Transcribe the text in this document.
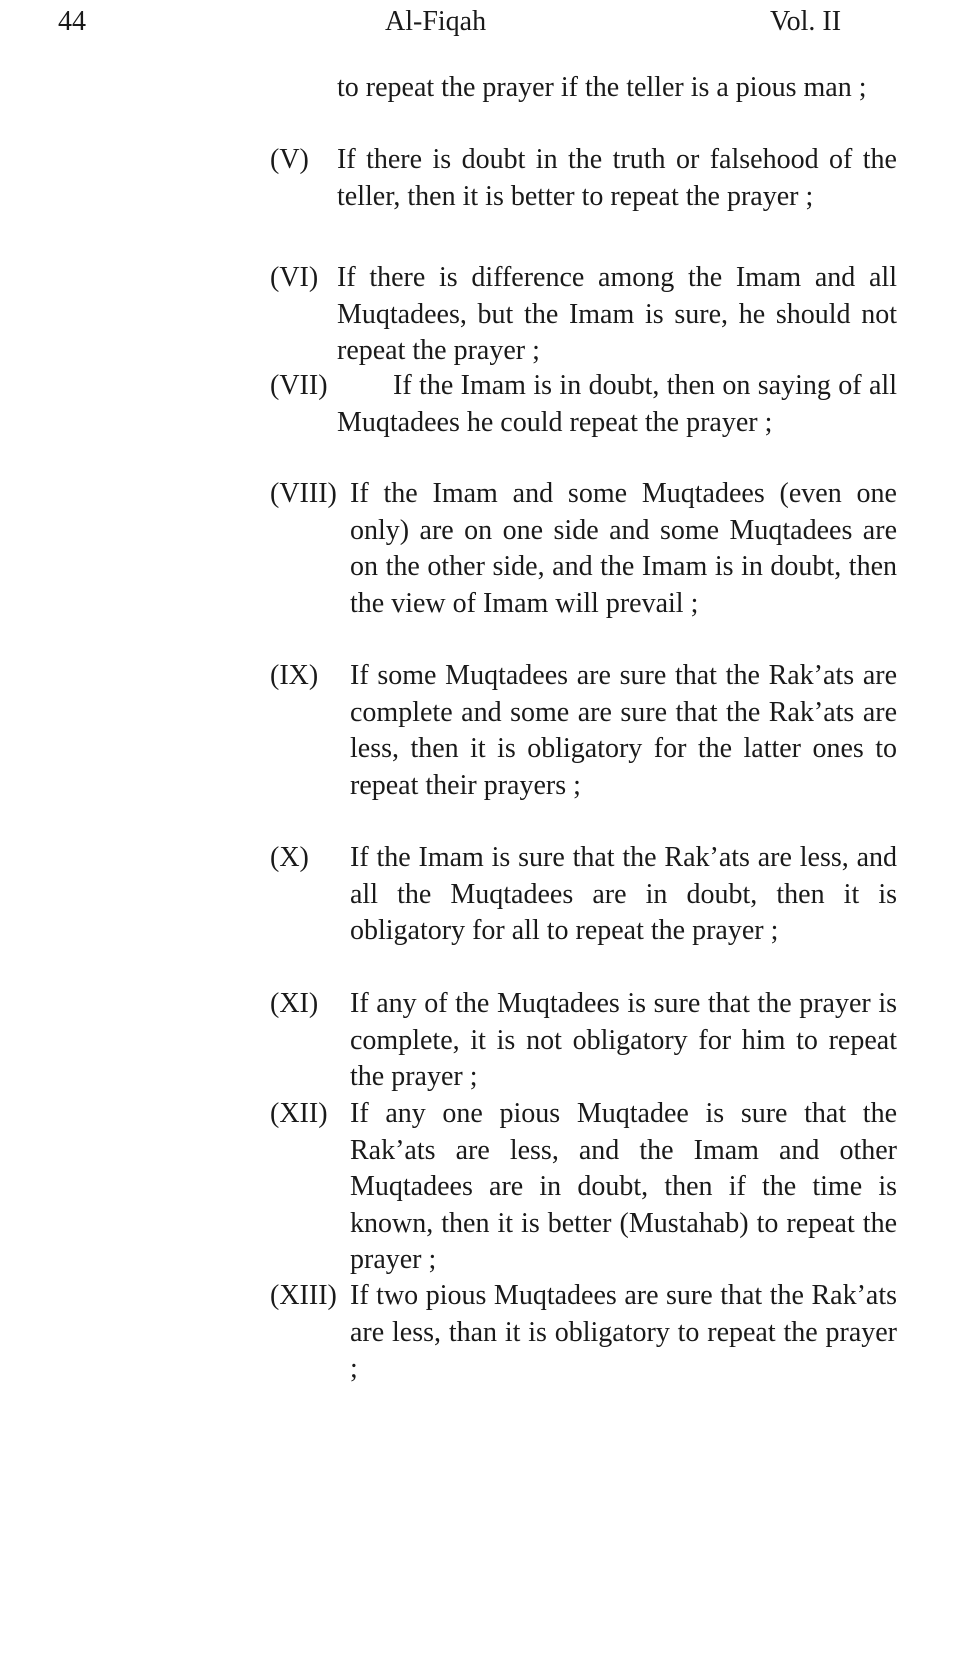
44	Al-Fiqah	Vol. II

to repeat the prayer if the teller is a pious man ;

(V) If there is doubt in the truth or falsehood of the teller, then it is better to repeat the prayer ;

(VI) If there is difference among the Imam and all Muqtadees, but the Imam is sure, he should not repeat the prayer ;

(VII)	If the Imam is in doubt, then on saying of all Muqtadees he could repeat the prayer ;

(VIII) If the Imam and some Muqtadees (even one only) are on one side and some Muqtadees are on the other side, and the Imam is in doubt, then the view of Imam will prevail ;

(IX) If some Muqtadees are sure that the Rak’ats are complete and some are sure that the Rak’ats are less, then it is obligatory for the latter ones to repeat their prayers ;

(X) If the Imam is sure that the Rak’ats are less, and all the Muqtadees are in doubt, then it is obligatory for all to repeat the prayer ;

(XI) If any of the Muqtadees is sure that the prayer is complete, it is not obligatory for him to repeat the prayer ;

(XII) If any one pious Muqtadee is sure that the Rak’ats are less, and the Imam and other Muqtadees are in doubt, then if the time is known, then it is better (Mustahab) to repeat the prayer ;

(XIII) If two pious Muqtadees are sure that the Rak’ats are less, than it is obligatory to repeat the prayer ;
